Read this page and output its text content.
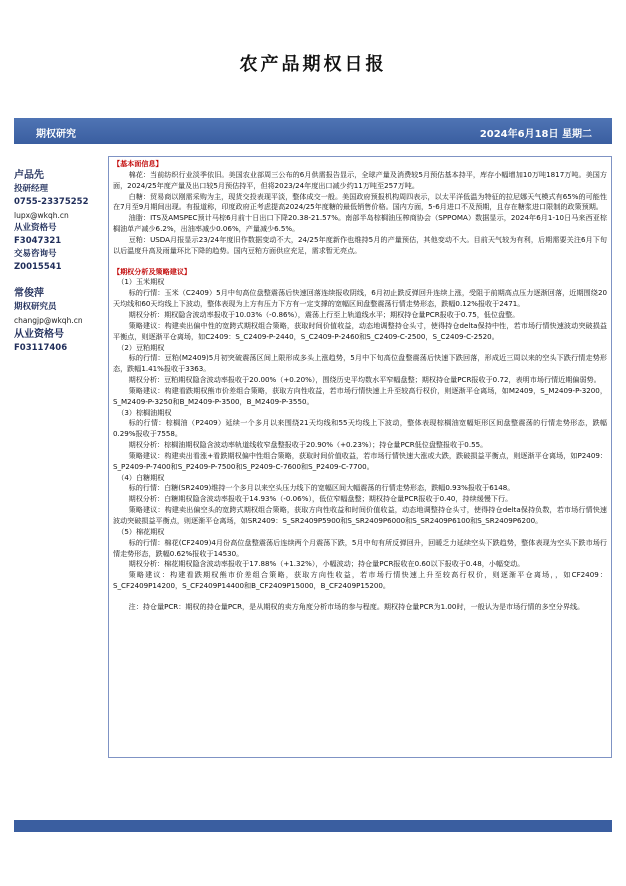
农产品期权日报
期权研究	2024年6月18日 星期二
卢品先
投研经理
0755-23375252
lupx@wkqh.cn
从业资格号
F3047321
交易咨询号
Z0015541
常俊萍
期权研究员
changjp@wkqh.cn
从业资格号
F03117406
【基本面信息】

棉花：当前纺织行业淡季依旧。美国农业部周三公布的6月供需报告显示，全球产量及消费较5月预估基本持平，库存小幅增加10万吨1817万吨。美国方面，2024/25年度产量及出口较5月预估持平，但将2023/24年度出口减少约11万吨至257万吨。

白糖：贸易商以刚需采购为主，现货交投表现平淡，整体成交一般。美国政府预报机构周四表示，以太平洋低温为特征的拉尼娜天气模式有65%的可能性在7月至9月期间出现。有报道称，印度政府正考虑提高2024/25年度糖的最低销售价格。国内方面，5-6月进口不及预期，且存在糖浆进口限制的政策预期。

油脂：ITS及AMSPEC预计马棕6月前十日出口下降20.38-21.57%。南部半岛棕榈油压榨商协会（SPPOMA）数据显示，2024年6月1-10日马来西亚棕榈油单产减少6.2%，出油率减少0.06%，产量减少6.5%。

豆粕：USDA月报显示23/24年度旧作数据变动不大，24/25年度新作也维持5月的产量预估，其他变动不大。目前天气较为有利，后期需要关注6月下旬以后温度升高及雨量环比下降的趋势。国内豆粕方面供应充足，需求暂无亮点。

【期权分析及策略建议】

（1）玉米期权

标的行情：玉米（C2409）5月中旬高位盘整震荡后快速回落连续报收阴线，6月初止跌反弹回升连续上涨，受阻于前期高点压力逐渐回落，近期围绕20天均线和60天均线上下波动，整体表现为上方有压力下方有一定支撑的宽幅区间盘整震荡行情走势形态，跌幅0.12%报收于2471。

期权分析：期权隐含波动率报收于10.03%（-0.86%），震荡上行至上轨道线水平；期权持仓量PCR报收于0.75，低位盘整。

策略建议：构建卖出偏中性的宽跨式期权组合策略，获取时间价值收益，动态地调整持仓头寸，使得持仓delta保持中性，若市场行情快速波动突破损益平衡点，则逐渐平仓离场，如C2409：S_C2409-P-2440，S_C2409-P-2460和S_C2409-C-2500，S_C2409-C-2520。

（2）豆粕期权

标的行情：豆粕(M2409)5月初突破震荡区间上限形成多头上涨趋势，5月中下旬高位盘整震荡后快速下跌回落，形成近三周以来的空头下跌行情走势形态，跌幅1.41%报收于3363。

期权分析：豆粕期权隐含波动率报收于20.00%（+0.20%），围绕历史平均数水平窄幅盘整；期权持仓量PCR报收于0.72，表明市场行情近期偏弱势。

策略建议：构建看跌期权熊市价差组合策略，获取方向性收益，若市场行情快速上升至较高行权价，则逐渐平仓离场，如M2409，S_M2409-P-3200，S_M2409-P-3250和B_M2409-P-3500，B_M2409-P-3550。

（3）棕榈油期权

标的行情：棕榈油（P2409）延续一个多月以来围绕21天均线和55天均线上下波动，整体表现棕榈油宽幅矩形区间盘整震荡的行情走势形态，跌幅0.29%报收于7558。

期权分析：棕榈油期权隐含波动率轨道线收窄盘整报收于20.90%（+0.23%）；持仓量PCR低位盘整报收于0.55。

策略建议：构建卖出看涨+看跌期权偏中性组合策略，获取时间价值收益，若市场行情快速大涨或大跌，跌破损益平衡点，则逐渐平仓离场，如P2409：S_P2409-P-7400和S_P2409-P-7500和S_P2409-C-7600和S_P2409-C-7700。

（4）白糖期权

标的行情：白糖(SR2409)维持一个多月以来空头压力线下的宽幅区间大幅震荡的行情走势形态，跌幅0.93%报收于6148。

期权分析：白糖期权隐含波动率报收于14.93%（-0.06%），低位窄幅盘整；期权持仓量PCR报收于0.40，持续缓慢下行。

策略建议：构建卖出偏空头的宽跨式期权组合策略，获取方向性收益和时间价值收益，动态地调整持仓头寸，使得持仓delta保持负数，若市场行情快速波动突破损益平衡点，则逐渐平仓离场，如SR2409：S_SR2409P5900和S_SR2409P6000和S_SR2409P6100和S_SR2409P6200。

（5）棉花期权

标的行情：棉花(CF2409)4月份高位盘整震荡后连续两个月震荡下跌，5月中旬有所反弹回升，回暖乏力延续空头下跌趋势，整体表现为空头下跌市场行情走势形态，跌幅0.62%报收于14530。

期权分析：棉花期权隐含波动率报收于17.88%（+1.32%），小幅波动；持仓量PCR报收在0.60以下报收于0.48，小幅变动。

策略建议：构建看跌期权熊市价差组合策略，获取方向性收益，若市场行情快速上升至较高行权价，则逐渐平仓离场，，如CF2409：S_CF2409P14200，S_CF2409P14400和B_CF2409P15000，B_CF2409P15200。

注：持仓量PCR：期权的持仓量PCR，是从期权的卖方角度分析市场的参与程度。期权持仓量PCR为1.00时，一般认为是市场行情的多空分界线。
